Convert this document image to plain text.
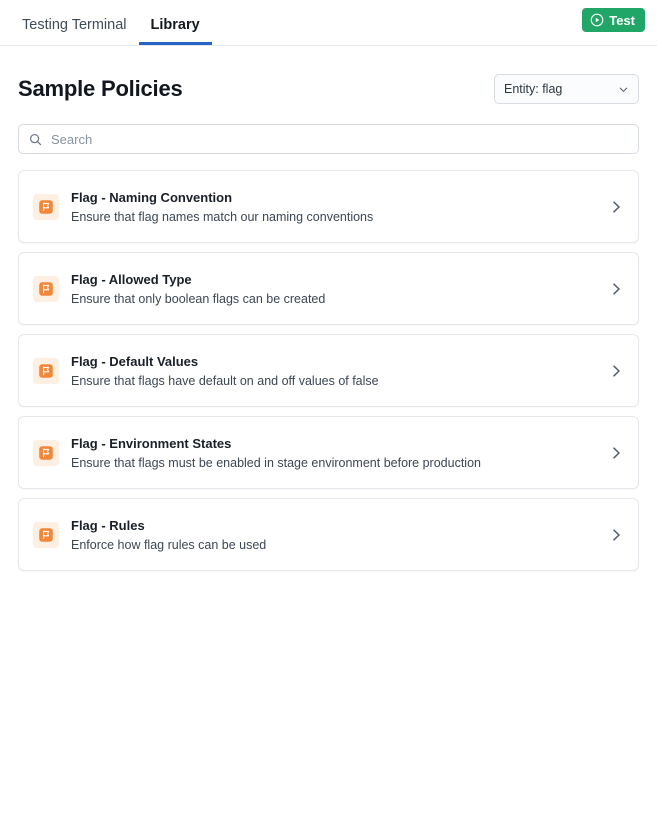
Testing Terminal	Library	Test
Sample Policies	Entity: flag
Search
Flag - Naming Convention
Ensure that flag names match our naming conventions
Flag - Allowed Type
Ensure that only boolean flags can be created
Flag - Default Values
Ensure that flags have default on and off values of false
Flag - Environment States
Ensure that flags must be enabled in stage environment before production
Flag - Rules
Enforce how flag rules can be used
